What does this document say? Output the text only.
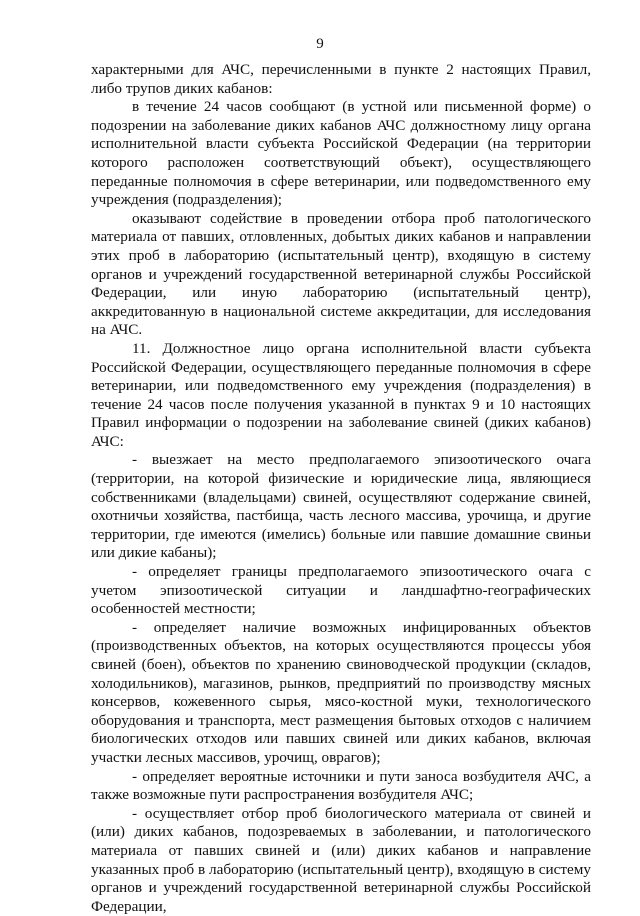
9

характерными для АЧС, перечисленными в пункте 2 настоящих Правил, либо трупов диких кабанов:

в течение 24 часов сообщают (в устной или письменной форме) о подозрении на заболевание диких кабанов АЧС должностному лицу органа исполнительной власти субъекта Российской Федерации (на территории которого расположен соответствующий объект), осуществляющего переданные полномочия в сфере ветеринарии, или подведомственного ему учреждения (подразделения);

оказывают содействие в проведении отбора проб патологического материала от павших, отловленных, добытых диких кабанов и направлении этих проб в лабораторию (испытательный центр), входящую в систему органов и учреждений государственной ветеринарной службы Российской Федерации, или иную лабораторию (испытательный центр), аккредитованную в национальной системе аккредитации, для исследования на АЧС.

11. Должностное лицо органа исполнительной власти субъекта Российской Федерации, осуществляющего переданные полномочия в сфере ветеринарии, или подведомственного ему учреждения (подразделения) в течение 24 часов после получения указанной в пунктах 9 и 10 настоящих Правил информации о подозрении на заболевание свиней (диких кабанов) АЧС:

- выезжает на место предполагаемого эпизоотического очага (территории, на которой физические и юридические лица, являющиеся собственниками (владельцами) свиней, осуществляют содержание свиней, охотничьи хозяйства, пастбища, часть лесного массива, урочища, и другие территории, где имеются (имелись) больные или павшие домашние свиньи или дикие кабаны);

- определяет границы предполагаемого эпизоотического очага с учетом эпизоотической ситуации и ландшафтно-географических особенностей местности;

- определяет наличие возможных инфицированных объектов (производственных объектов, на которых осуществляются процессы убоя свиней (боен), объектов по хранению свиноводческой продукции (складов, холодильников), магазинов, рынков, предприятий по производству мясных консервов, кожевенного сырья, мясо-костной муки, технологического оборудования и транспорта, мест размещения бытовых отходов с наличием биологических отходов или павших свиней или диких кабанов, включая участки лесных массивов, урочищ, оврагов);

- определяет вероятные источники и пути заноса возбудителя АЧС, а также возможные пути распространения возбудителя АЧС;

- осуществляет отбор проб биологического материала от свиней и (или) диких кабанов, подозреваемых в заболевании, и патологического материала от павших свиней и (или) диких кабанов и направление указанных проб в лабораторию (испытательный центр), входящую в систему органов и учреждений государственной ветеринарной службы Российской Федерации,
